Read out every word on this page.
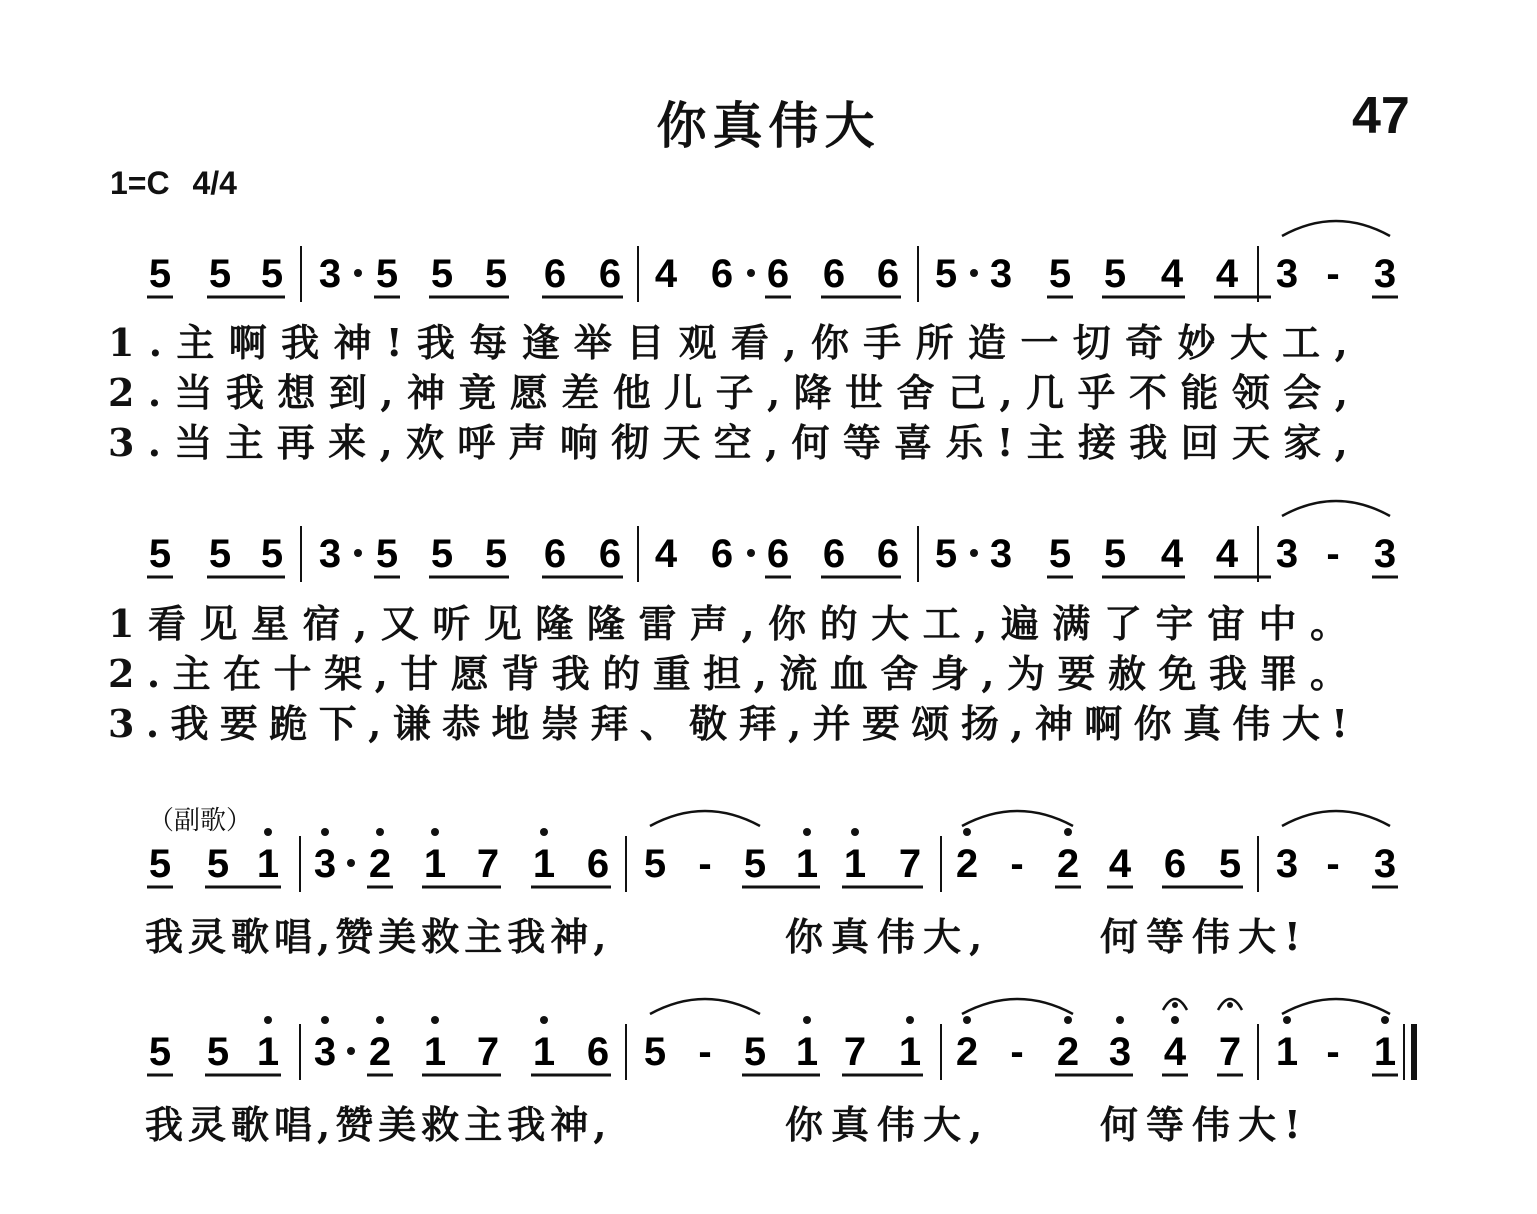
你真伟大	47
1=C 4/4
5 5 5 3 5 5 5 6 6 4 6 6 6 6 5 3 5 5 4 4 3 - 3
5 5 5 3 5 5 5 6 6 4 6 6 6 6 5 3 5 5 4 4 3 - 3
5 5 1 3 2 1 7 1 6 5 - 5 1 1 7 2 - 2 4 6 5 3 - 3
5 5 1 3 2 1 7 1 6 5 - 5 1 7 1 2 - 2 3 4 7 1 - 1
1 . 主 啊 我 神 ! 我 每 逢 举 目 观 看 , 你 手 所 造 一 切 奇 妙 大 工 ,
2 . 当 我 想 到 , 神 竟 愿 差 他 儿 子 , 降 世 舍 己 , 几 乎 不 能 领 会 ,
3 . 当 主 再 来 , 欢 呼 声 响 彻 天 空 , 何 等 喜 乐 ! 主 接 我 回 天 家 ,
1 看 见 星 宿 , 又 听 见 隆 隆 雷 声 , 你 的 大 工 , 遍 满 了 宇 宙 中 。
2 . 主 在 十 架 , 甘 愿 背 我 的 重 担 , 流 血 舍 身 , 为 要 赦 免 我 罪 。
3 . 我 要 跪 下 , 谦 恭 地 崇 拜 、 敬 拜 , 并 要 颂 扬 , 神 啊 你 真 伟 大 !
（副歌）
我灵歌唱,赞美救主我神,	你真伟大,	何等伟大!
我灵歌唱,赞美救主我神,	你真伟大,	何等伟大!
